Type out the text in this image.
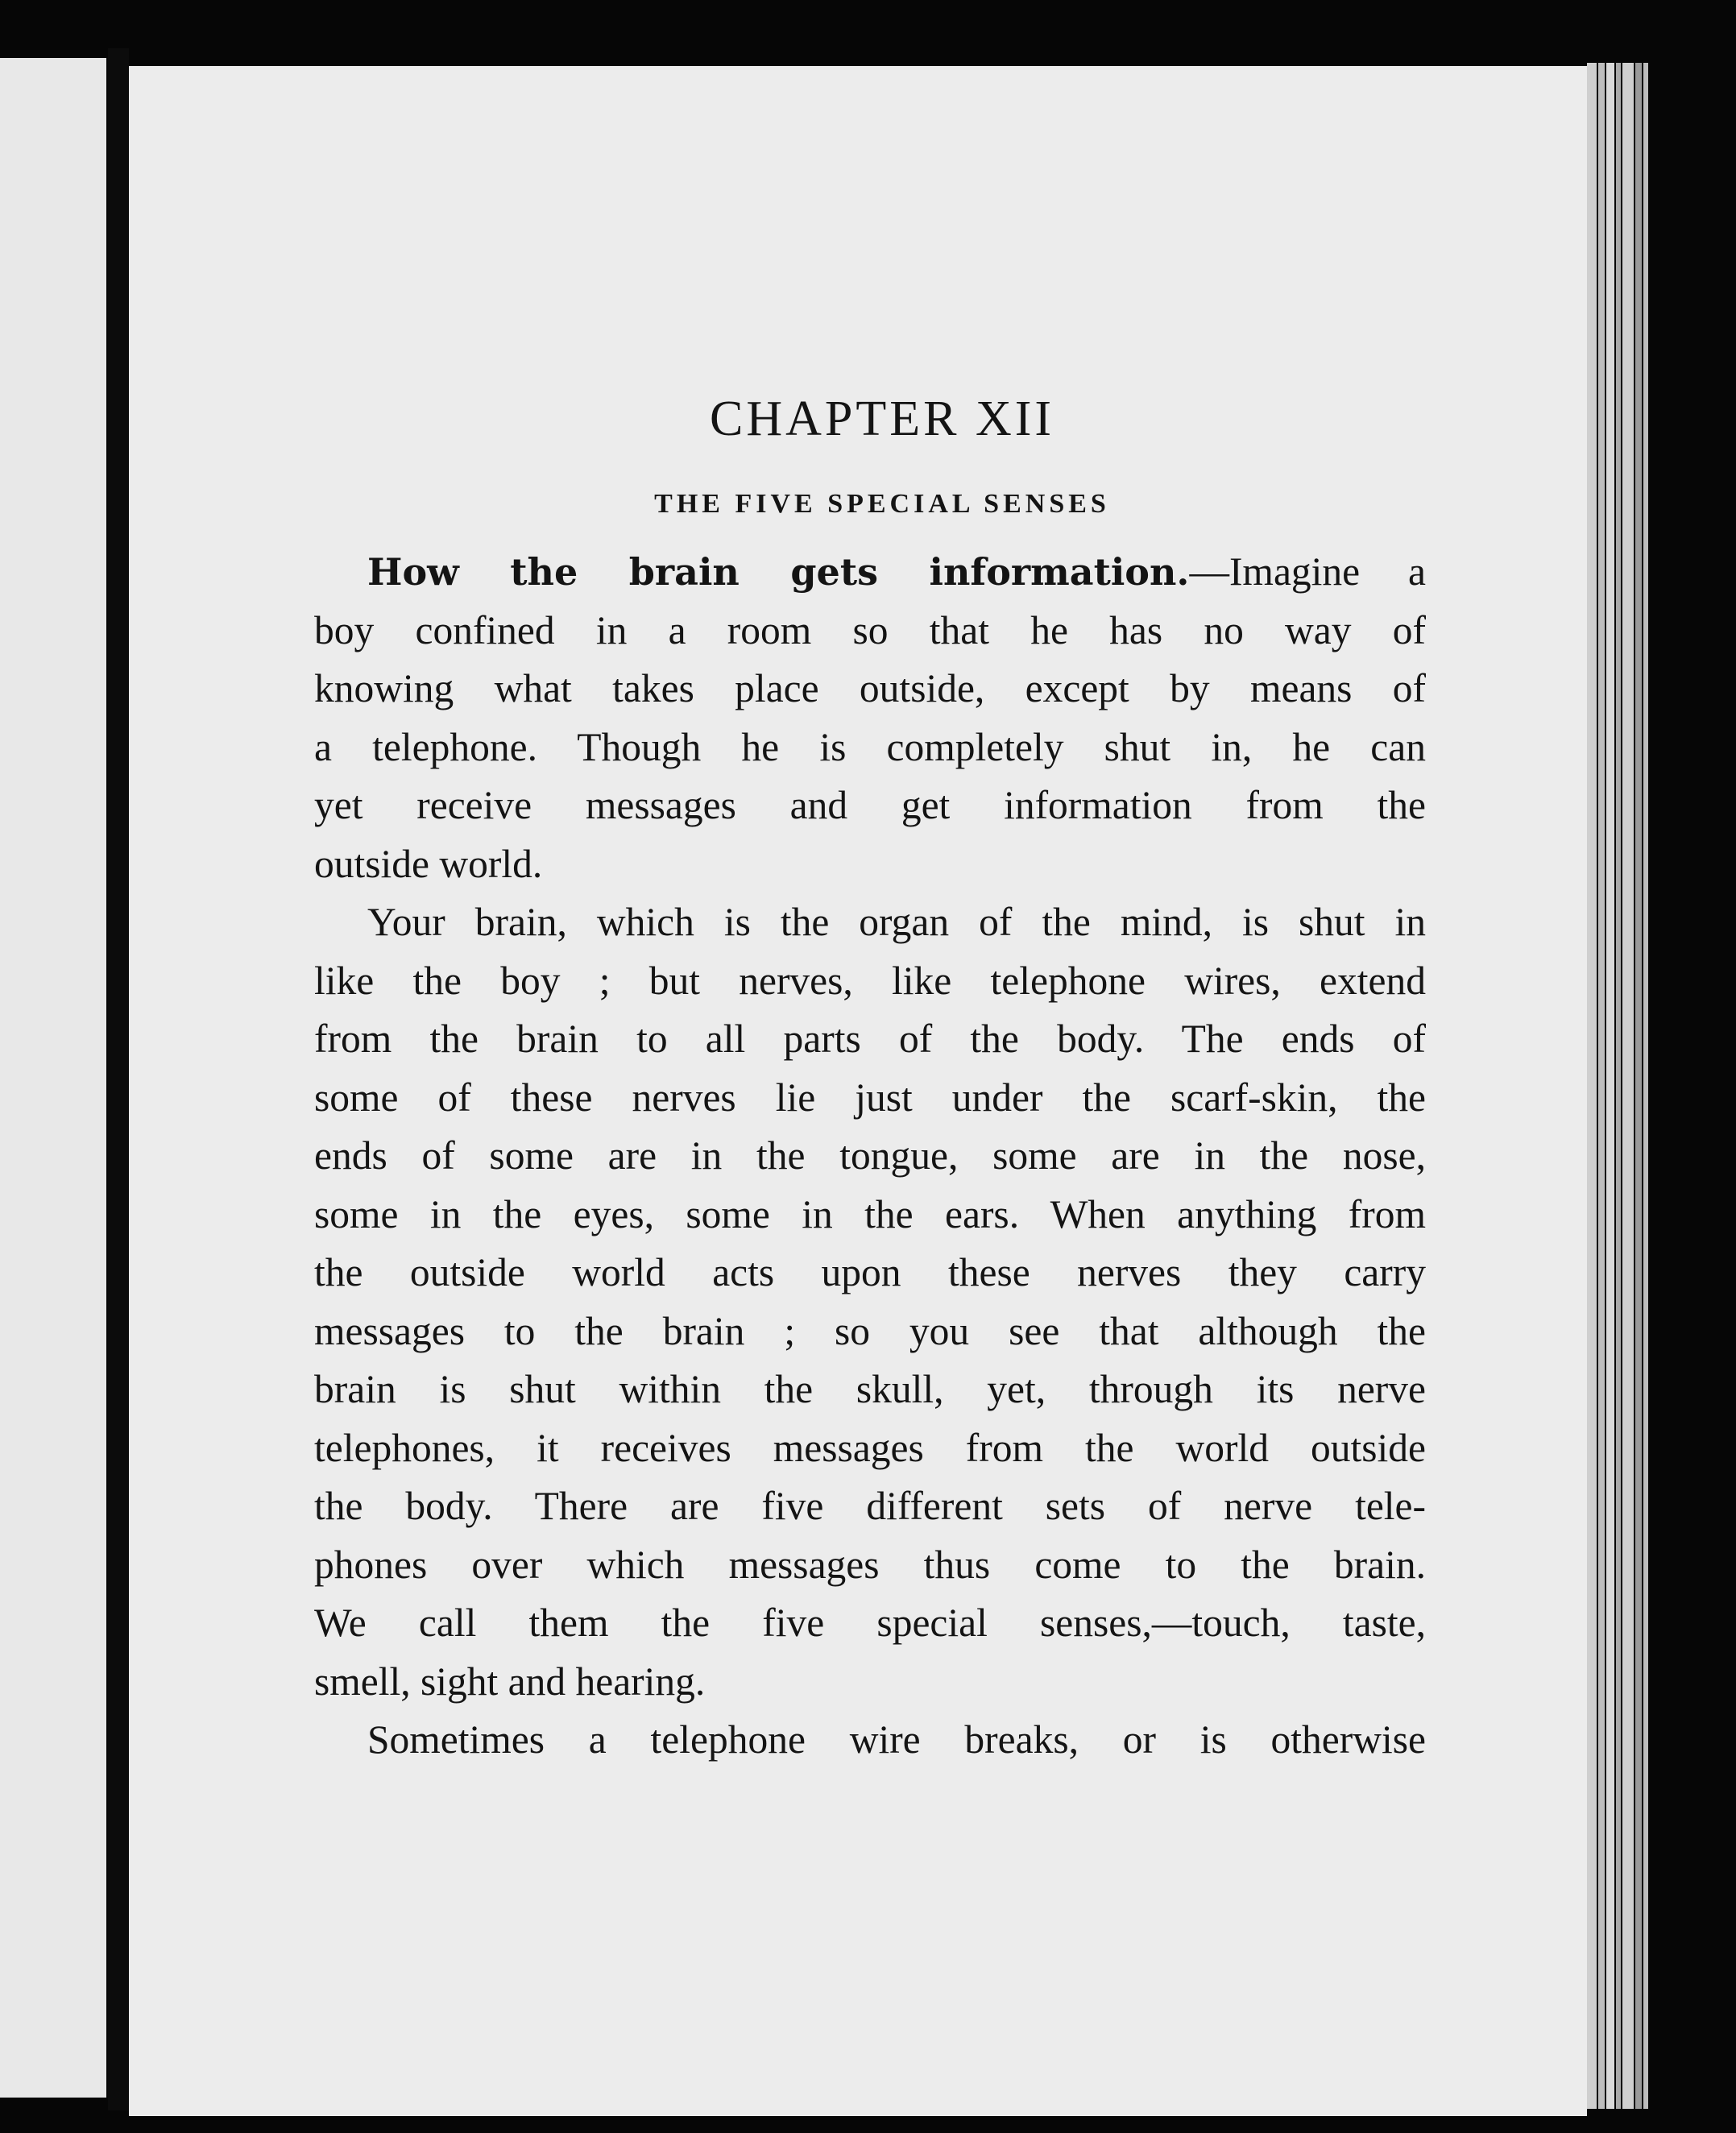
CHAPTER XII
THE FIVE SPECIAL SENSES

How the brain gets information.—Imagine a
boy confined in a room so that he has no way of
knowing what takes place outside, except by means of
a telephone. Though he is completely shut in, he can
yet receive messages and get information from the
outside world.

Your brain, which is the organ of the mind, is shut in
like the boy ; but nerves, like telephone wires, extend
from the brain to all parts of the body. The ends of
some of these nerves lie just under the scarf-skin, the
ends of some are in the tongue, some are in the nose,
some in the eyes, some in the ears. When anything from
the outside world acts upon these nerves they carry
messages to the brain ; so you see that although the
brain is shut within the skull, yet, through its nerve
telephones, it receives messages from the world outside
the body. There are five different sets of nerve tele-
phones over which messages thus come to the brain.
We call them the five special senses,—touch, taste,
smell, sight and hearing.

Sometimes a telephone wire breaks, or is otherwise
